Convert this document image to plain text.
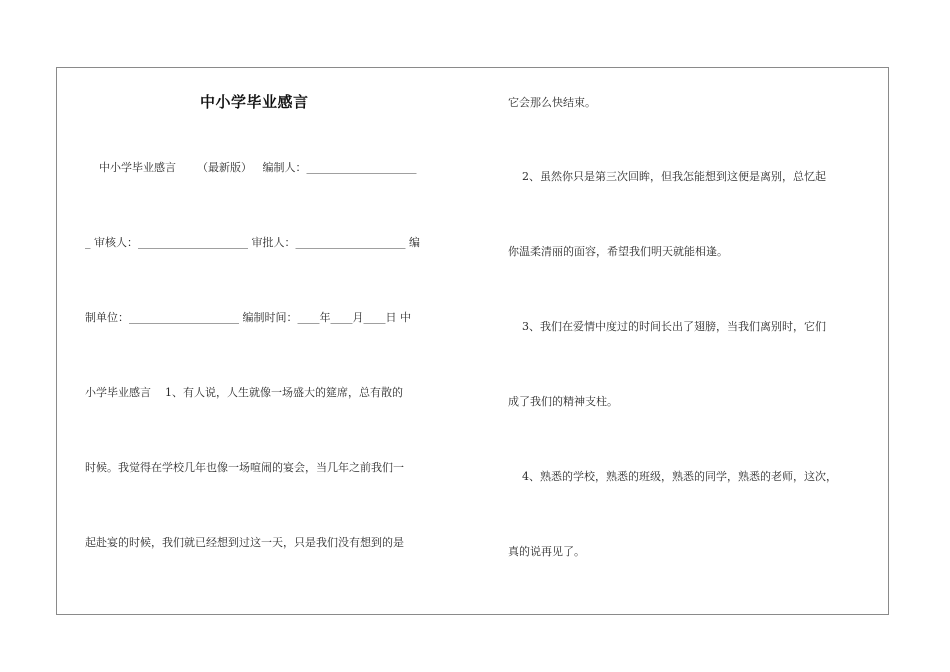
中小学毕业感言
中小学毕业感言      （最新版）   编制人：____________________
_ 审核人：____________________ 审批人：____________________ 编
制单位：____________________ 编制时间：____年____月____日 中
小学毕业感言    1、有人说，人生就像一场盛大的筵席，总有散的
时候。我觉得在学校几年也像一场喧闹的宴会，当几年之前我们一
起赴宴的时候，我们就已经想到过这一天，只是我们没有想到的是
它会那么快结束。
2、虽然你只是第三次回眸，但我怎能想到这便是离别，总忆起
你温柔清丽的面容，希望我们明天就能相逢。
3、我们在爱情中度过的时间长出了翅膀，当我们离别时，它们
成了我们的精神支柱。
4、熟悉的学校，熟悉的班级，熟悉的同学，熟悉的老师，这次，
真的说再见了。
